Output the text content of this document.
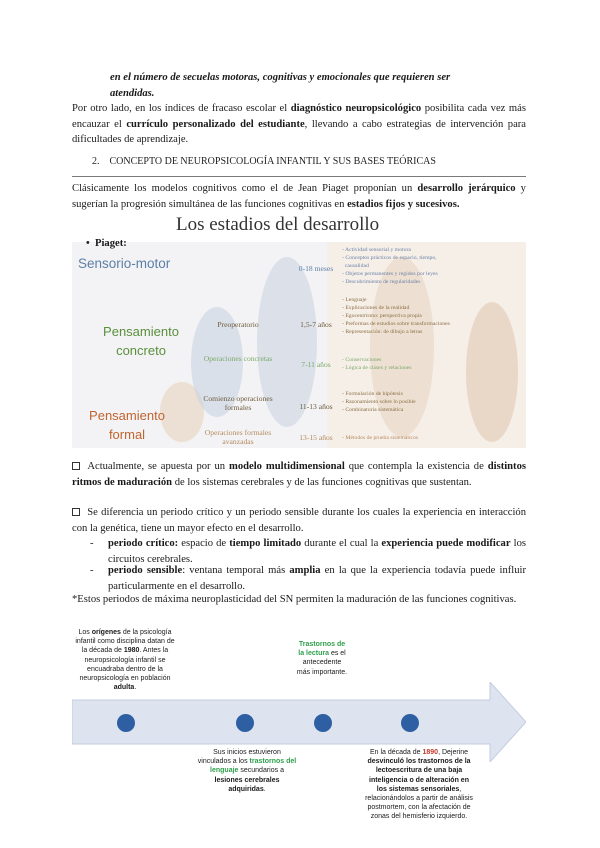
en el número de secuelas motoras, cognitivas y emocionales que requieren ser
atendidas.
Por otro lado, en los índices de fracaso escolar el diagnóstico neuropsicológico posibilita cada vez más encauzar el currículo personalizado del estudiante, llevando a cabo estrategias de intervención para dificultades de aprendizaje.
2.    CONCEPTO DE NEUROPSICOLOGÍA INFANTIL Y SUS BASES TEÓRICAS
Clásicamente los modelos cognitivos como el de Jean Piaget proponían un desarrollo jerárquico y sugerían la progresión simultánea de las funciones cognitivas en estadios fijos y sucesivos.
Los estadios del desarrollo
•  Piaget:
Sensorio-motor
Pensamiento concreto
Pensamiento formal
Preoperatorio
Operaciones concretas
Comienzo operaciones formales
Operaciones formales avanzadas
0-18 meses
1,5-7 años
7-11 años
11-13 años
13-15 años
- Actividad sensorial y motora
- Conceptos prácticos de espacio, tiempo,
causalidad
- Objetos permanentes y regidos por leyes
- Descubrimiento de regularidades
- Lenguaje
- Explicaciones de la realidad
- Egocentrismo: perspectiva propia
- Preformas de estudios sobre transformaciones
- Representación: de dibujo a letras
- Conservaciones
- Lógica de clases y relaciones
- Formulación de hipótesis
- Razonamiento sobre lo posible
- Combinatoria sistemática
- Métodos de prueba sistemáticos
Actualmente, se apuesta por un modelo multidimensional que contempla la existencia de distintos ritmos de maduración de los sistemas cerebrales y de las funciones cognitivas que sustentan.
Se diferencia un periodo crítico y un periodo sensible durante los cuales la experiencia en interacción con la genética, tiene un mayor efecto en el desarrollo.
- periodo crítico: espacio de tiempo limitado durante el cual la experiencia puede modificar los circuitos cerebrales.
- periodo sensible: ventana temporal más amplia en la que la experiencia todavía puede influir particularmente en el desarrollo.
*Estos periodos de máxima neuroplasticidad del SN permiten la maduración de las funciones cognitivas.
Los orígenes de la psicología infantil como disciplina datan de la década de 1980. Antes la neuropsicología infantil se encuadraba dentro de la neuropsicología en población adulta.
Trastornos de la lectura es el antecedente más importante.
Sus inicios estuvieron vinculados a los trastornos del lenguaje secundarios a lesiones cerebrales adquiridas.
En la década de 1890, Dejerine desvinculó los trastornos de la lectoescritura de una baja inteligencia o de alteración en los sistemas sensoriales, relacionándolos a partir de análisis postmortem, con la afectación de zonas del hemisferio izquierdo.
